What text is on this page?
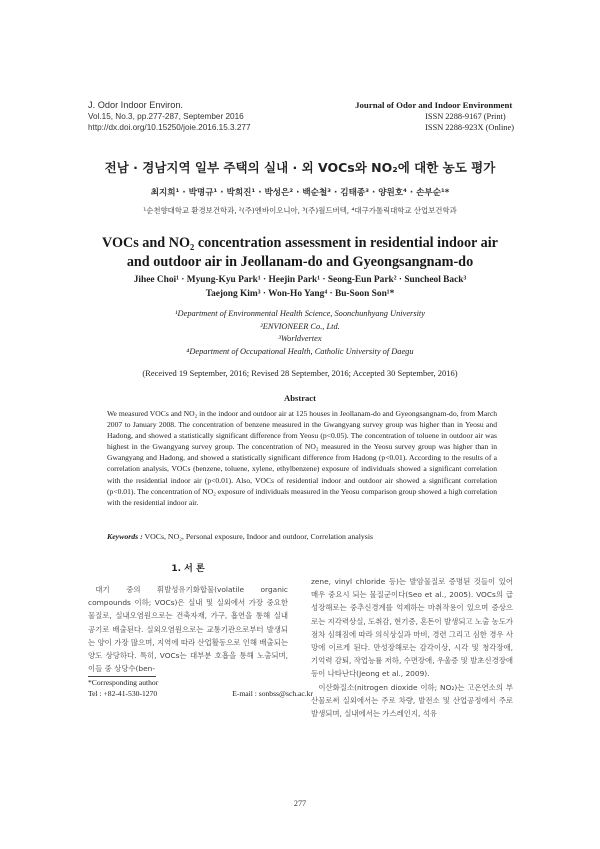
J. Odor Indoor Environ.
Vol.15, No.3, pp.277-287, September 2016
http://dx.doi.org/10.15250/joie.2016.15.3.277
Journal of Odor and Indoor Environment
ISSN 2288-9167 (Print)
ISSN 2288-923X (Online)
전남 · 경남지역 일부 주택의 실내 · 외 VOCs와 NO₂에 대한 농도 평가
최지희¹ · 박명규¹ · 박희진¹ · 박성은² · 백순철³ · 김태종³ · 양원호⁴ · 손부순¹*
¹순천향대학교 환경보건학과, ²(주)엔바이오니아, ³(주)월드버텍, ⁴대구가톨릭대학교 산업보건학과
VOCs and NO₂ concentration assessment in residential indoor air
and outdoor air in Jeollanam-do and Gyeongsangnam-do
Jihee Choi¹ · Myung-Kyu Park¹ · Heejin Park¹ · Seong-Eun Park² · Suncheol Back³
Taejong Kim³ · Won-Ho Yang⁴ · Bu-Soon Son¹*
¹Department of Environmental Health Science, Soonchunhyang University
²ENVIONEER Co., Ltd.
³Worldvertex
⁴Department of Occupational Health, Catholic University of Daegu
(Received 19 September, 2016; Revised 28 September, 2016; Accepted 30 September, 2016)
Abstract
We measured VOCs and NO₂ in the indoor and outdoor air at 125 houses in Jeollanam-do and Gyeongsangnam-do, from March 2007 to January 2008. The concentration of benzene measured in the Gwangyang survey group was higher than in Yeosu and Hadong, and showed a statistically significant difference from Yeosu (p<0.05). The concentration of toluene in outdoor air was highest in the Gwangyang survey group. The concentration of NO₂ measured in the Yeosu survey group was higher than in Gwangyang and Hadong, and showed a statistically significant difference from Hadong (p<0.01). According to the results of a correlation analysis, VOCs (benzene, toluene, xylene, ethylbenzene) exposure of individuals showed a significant correlation with the residential indoor air (p<0.01). Also, VOCs of residential indoor and outdoor air showed a significant correlation (p<0.01). The concentration of NO₂ exposure of individuals measured in the Yeosu comparison group showed a high correlation with the residential indoor air.
Keywords : VOCs, NO₂, Personal exposure, Indoor and outdoor, Correlation analysis
1. 서 론

대기 중의 휘발성유기화합물(volatile organic compounds 이하; VOCs)은 실내 및 실외에서 가장 중요한 물질로, 실내오염원으로는 건축자재, 가구, 흡연을 통해 실내 공기로 배출된다. 실외오염원으로는 교통기관으로부터 발생되는 양이 가장 많으며, 지역에 따라 산업활동으로 인해 배출되는 양도 상당하다. 특히, VOCs는 대부분 호흡을 통해 노출되며, 이들 중 상당수(ben-

zene, vinyl chloride 등)는 발암물질로 증명된 것들이 있어 매우 중요시 되는 물질군이다(Seo et al., 2005). VOCs의 급성장해로는 중추신경계를 억제하는 마취작용이 있으며 증상으로는 지각력상실, 도취감, 현기증, 혼돈이 발생되고 노출 농도가 점차 심해짐에 따라 의식상실과 마비, 경련 그리고 심한 경우 사망에 이르게 된다. 만성장해로는 감각이상, 시각 및 청각장애, 기억력 감퇴, 작업능률 저하, 수면장애, 우울증 및 발초신경장애 등이 나타난다(Jeong et al., 2009).

이산화질소(nitrogen dioxide 이하; NO₂)는 고온연소의 부산물로써 실외에서는 주로 차량, 발전소 및 산업공정에서 주로 발생되며, 실내에서는 가스레인지, 석유

*Corresponding author
Tel : +82-41-530-1270	E-mail : sonbss@sch.ac.kr
277
